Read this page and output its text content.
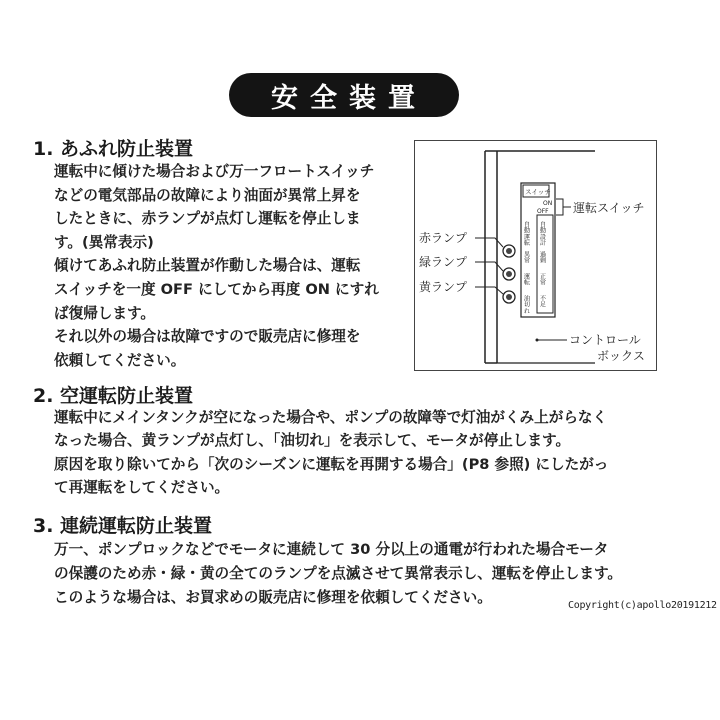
安全装置
1. あふれ防止装置
運転中に傾けた場合および万一フロートスイッチ
などの電気部品の故障により油面が異常上昇を
したときに、赤ランプが点灯し運転を停止しま
す。(異常表示)
傾けてあふれ防止装置が作動した場合は、運転
スイッチを一度 OFF にしてから再度 ON にすれ
ば復帰します。
それ以外の場合は故障ですので販売店に修理を
依頼してください。
スイッチ
ON
OFF
自動運転
異常
運転
油切れ
自動設計
過剰
正常
不足
赤ランプ
緑ランプ
黄ランプ
運転スイッチ
コントロール
ボックス
2. 空運転防止装置
運転中にメインタンクが空になった場合や、ポンプの故障等で灯油がくみ上がらなく
なった場合、黄ランプが点灯し、「油切れ」を表示して、モータが停止します。
原因を取り除いてから「次のシーズンに運転を再開する場合」(P8 参照) にしたがっ
て再運転をしてください。
3. 連続運転防止装置
万一、ポンプロックなどでモータに連続して 30 分以上の通電が行われた場合モータ
の保護のため赤・緑・黄の全てのランプを点滅させて異常表示し、運転を停止します。
このような場合は、お買求めの販売店に修理を依頼してください。	Copyright(c)apollo20191212
